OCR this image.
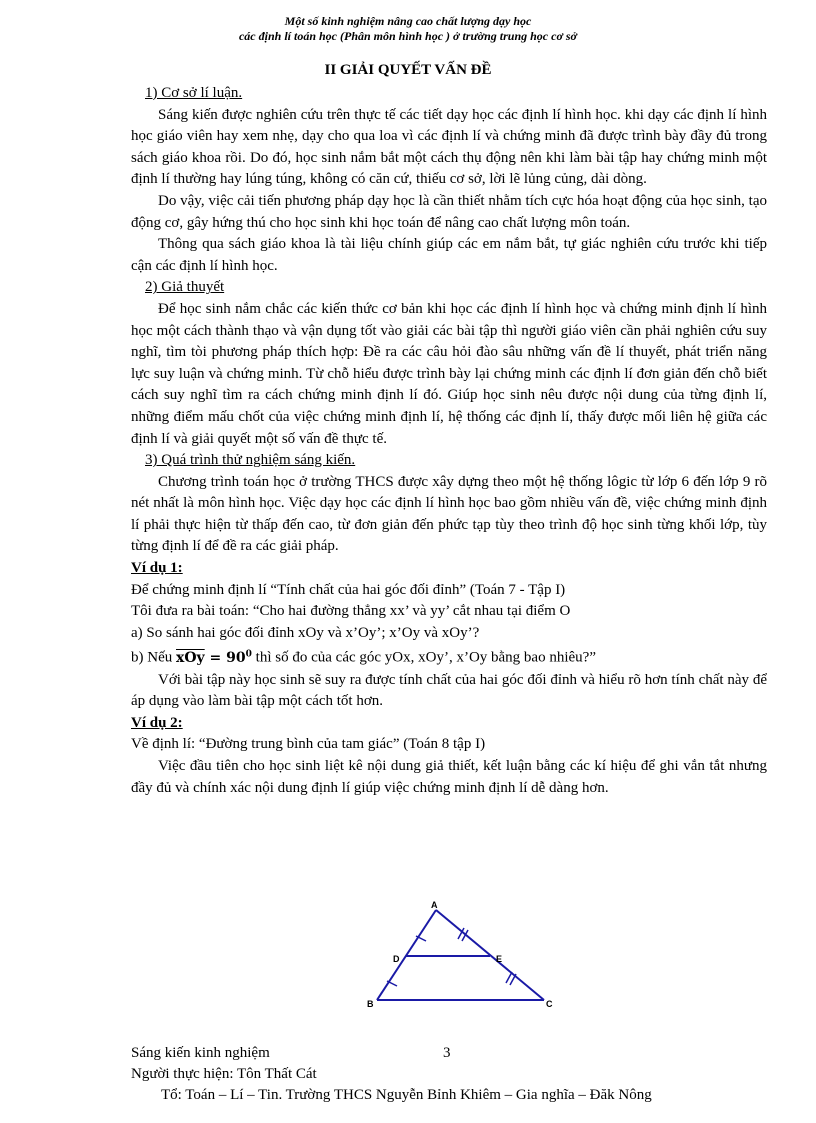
Một số kinh nghiệm nâng cao chất lượng dạy học
các định lí toán học (Phân môn hình học ) ở trường trung học cơ sở
II GIẢI QUYẾT VẤN ĐỀ

1) Cơ sở lí luận.

Sáng kiến được nghiên cứu trên thực tế các tiết dạy học các định lí hình học. khi dạy các định lí hình học giáo viên hay xem nhẹ, dạy cho qua loa vì các định lí và chứng minh đã được trình bày đầy đủ trong sách giáo khoa rồi. Do đó, học sinh nắm bắt một cách thụ động nên khi làm bài tập hay chứng minh một định lí thường hay lúng túng, không có căn cứ, thiếu cơ sở, lời lẽ lủng củng, dài dòng.

Do vậy, việc cải tiến phương pháp dạy học là cần thiết nhằm tích cực hóa hoạt động của học sinh, tạo động cơ, gây hứng thú cho học sinh khi học toán để nâng cao chất lượng môn toán.

Thông qua sách giáo khoa là tài liệu chính giúp các em nắm bắt, tự giác nghiên cứu trước khi tiếp cận các định lí hình học.

2) Giả thuyết

Để học sinh nắm chắc các kiến thức cơ bản khi học các định lí hình học và chứng minh định lí hình học một cách thành thạo và vận dụng tốt vào giải các bài tập thì người giáo viên cần phải nghiên cứu suy nghĩ, tìm tòi phương pháp thích hợp: Đề ra các câu hỏi đào sâu những vấn đề lí thuyết, phát triển năng lực suy luận và chứng minh. Từ chỗ hiểu được trình bày lại chứng minh các định lí đơn giản đến chỗ biết cách suy nghĩ tìm ra cách chứng minh định lí đó. Giúp học sinh nêu được nội dung của từng định lí, những điểm mấu chốt của việc chứng minh định lí, hệ thống các định lí, thấy được mối liên hệ giữa các định lí và giải quyết một số vấn đề thực tế.

3) Quá trình thử nghiệm sáng kiến.

Chương trình toán học ở trường THCS được xây dựng theo một hệ thống lôgic từ lớp 6 đến lớp 9 rõ nét nhất là môn hình học. Việc dạy học các định lí hình học bao gồm nhiều vấn đề, việc chứng minh định lí phải thực hiện từ thấp đến cao, từ đơn giản đến phức tạp tùy theo trình độ học sinh từng khối lớp, tùy từng định lí để đề ra các giải pháp.

Ví dụ 1:

Để chứng minh định lí “Tính chất của hai góc đối đỉnh” (Toán 7 - Tập I)

Tôi đưa ra bài toán: “Cho hai đường thẳng xx’ và yy’ cắt nhau tại điểm O

a) So sánh hai góc đối đỉnh xOy và x’Oy’; x’Oy và xOy’?

b) Nếu $\overline{xOy} = 90^0$ thì số đo của các góc yOx, xOy’, x’Oy bằng bao nhiêu?”

Với bài tập này học sinh sẽ suy ra được tính chất của hai góc đối đỉnh và hiểu rõ hơn tính chất này để áp dụng vào làm bài tập một cách tốt hơn.

Ví dụ 2:

Về định lí: “Đường trung bình của tam giác” (Toán 8 tập I)

Việc đầu tiên cho học sinh liệt kê nội dung giả thiết, kết luận bằng các kí hiệu để ghi vắn tắt nhưng đầy đủ và chính xác nội dung định lí giúp việc chứng minh định lí dễ dàng hơn.

A
B	C
D	E
Sáng kiến kinh nghiệm	3
Người thực hiện: Tôn Thất Cát
Tổ: Toán – Lí – Tin. Trường THCS Nguyễn Bỉnh Khiêm – Gia nghĩa – Đăk Nông
